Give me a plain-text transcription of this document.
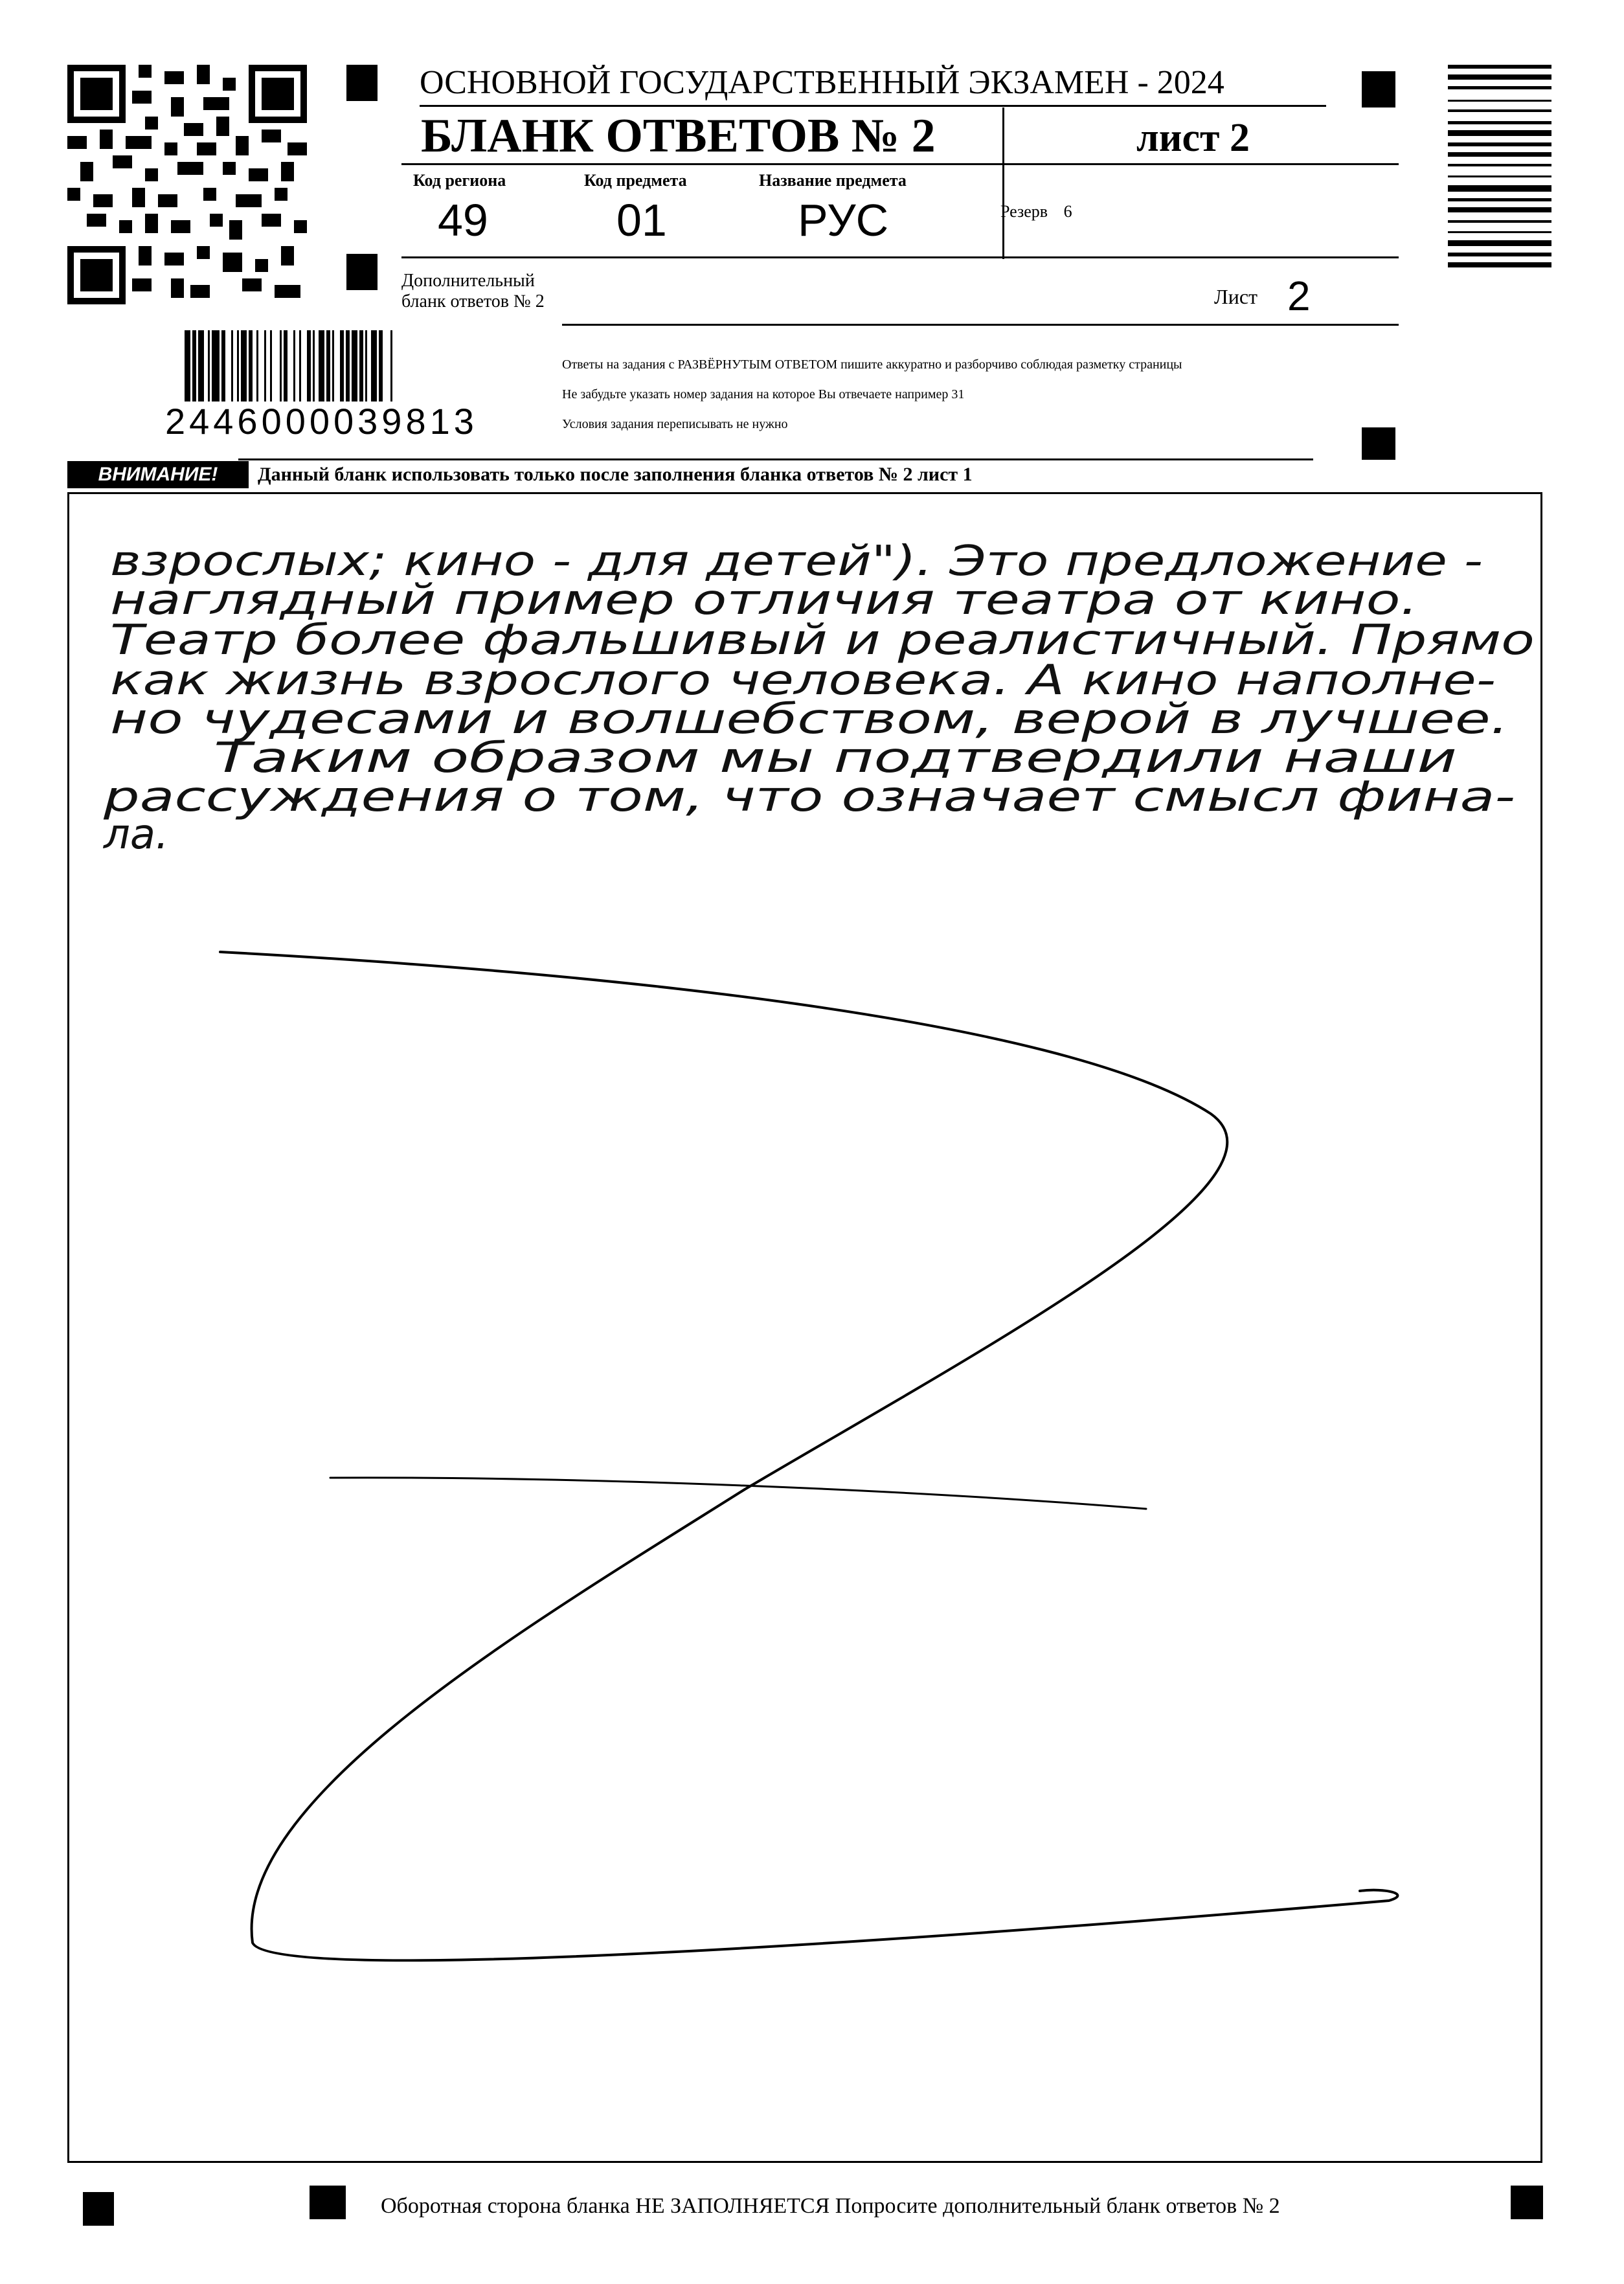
ОСНОВНОЙ ГОСУДАРСТВЕННЫЙ ЭКЗАМЕН - 2024
БЛАНК ОТВЕТОВ № 2	лист 2
Код региона
49
Код предмета
01
Название предмета
РУС	Резерв 6
Дополнительный
бланк ответов № 2	Лист 2
2446000039813
Ответы на задания с РАЗВЁРНУТЫМ ОТВЕТОМ пишите аккуратно и разборчиво соблюдая разметку страницы
Не забудьте указать номер задания на которое Вы отвечаете например 31
Условия задания переписывать не нужно
ВНИМАНИЕ!	Данный бланк использовать только после заполнения бланка ответов № 2 лист 1
взрослых; кино - для детей"). Это предложение -
наглядный пример отличия театра от кино.
Театр более фальшивый и реалистичный. Прямо
как жизнь взрослого человека. А кино наполне-
но чудесами и волшебством, верой в лучшее.
Таким образом мы подтвердили наши
рассуждения о том, что означает смысл фина-
ла.
Оборотная сторона бланка НЕ ЗАПОЛНЯЕТСЯ Попросите дополнительный бланк ответов № 2
